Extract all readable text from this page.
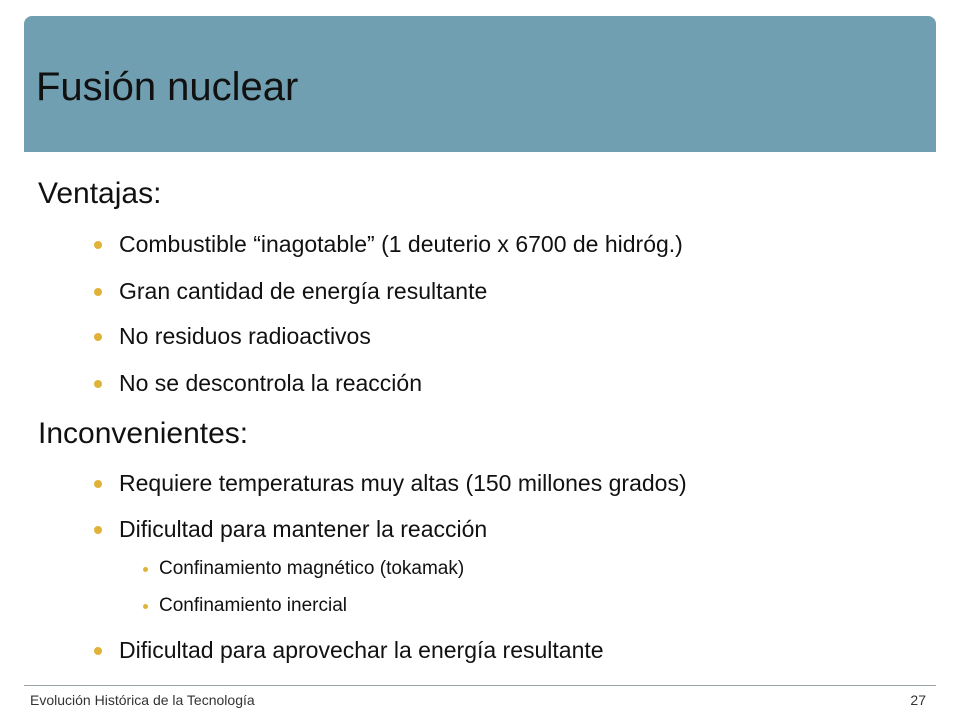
Fusión nuclear
Ventajas:
Combustible “inagotable” (1 deuterio x 6700 de hidróg.)
Gran cantidad de energía resultante
No residuos radioactivos
No se descontrola la reacción
Inconvenientes:
Requiere temperaturas muy altas (150 millones grados)
Dificultad para mantener la reacción
Confinamiento magnético (tokamak)
Confinamiento inercial
Dificultad para aprovechar la energía resultante
Evolución Histórica de la Tecnología	27
